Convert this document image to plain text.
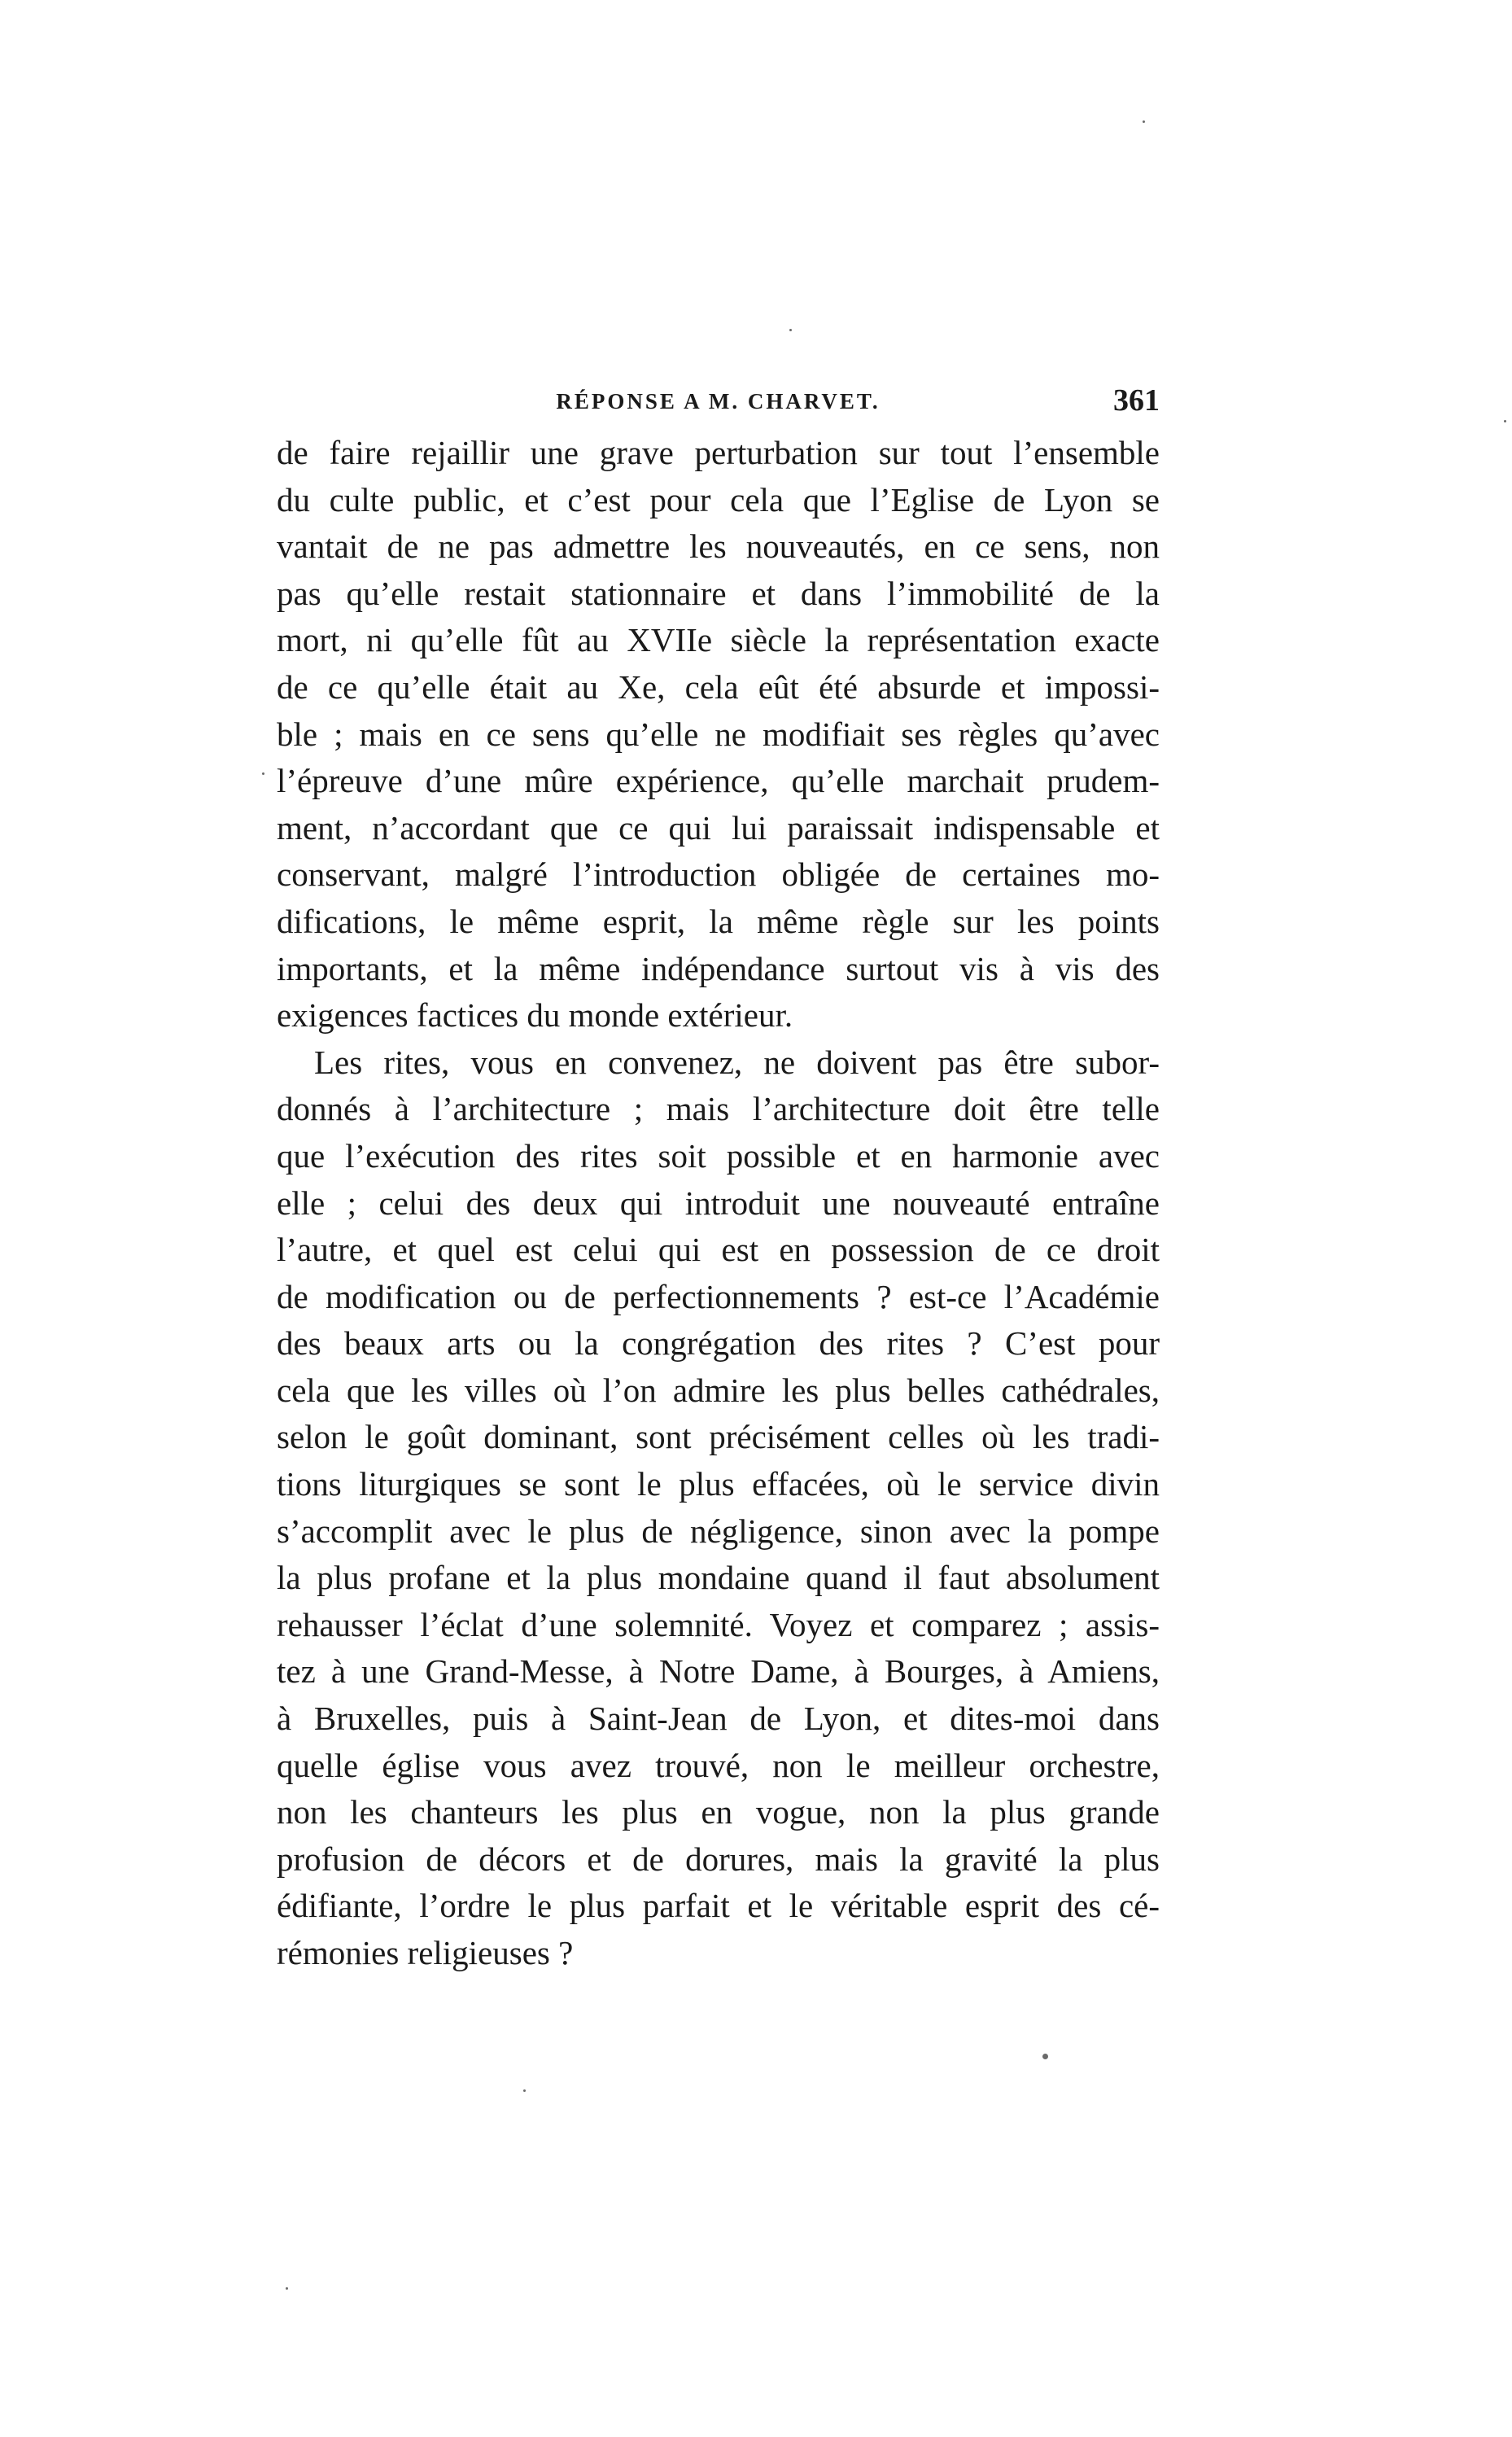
RÉPONSE A M. CHARVET.	361
de faire rejaillir une grave perturbation sur tout l’ensemble
du culte public, et c’est pour cela que l’Eglise de Lyon se
vantait de ne pas admettre les nouveautés, en ce sens, non
pas qu’elle restait stationnaire et dans l’immobilité de la
mort, ni qu’elle fût au XVIIe siècle la représentation exacte
de ce qu’elle était au Xe, cela eût été absurde et impossi-
ble ; mais en ce sens qu’elle ne modifiait ses règles qu’avec
l’épreuve d’une mûre expérience, qu’elle marchait prudem-
ment, n’accordant que ce qui lui paraissait indispensable et
conservant, malgré l’introduction obligée de certaines mo-
difications, le même esprit, la même règle sur les points
importants, et la même indépendance surtout vis à vis des
exigences factices du monde extérieur.
Les rites, vous en convenez, ne doivent pas être subor-
donnés à l’architecture ; mais l’architecture doit être telle
que l’exécution des rites soit possible et en harmonie avec
elle ; celui des deux qui introduit une nouveauté entraîne
l’autre, et quel est celui qui est en possession de ce droit
de modification ou de perfectionnements ? est-ce l’Académie
des beaux arts ou la congrégation des rites ? C’est pour
cela que les villes où l’on admire les plus belles cathédrales,
selon le goût dominant, sont précisément celles où les tradi-
tions liturgiques se sont le plus effacées, où le service divin
s’accomplit avec le plus de négligence, sinon avec la pompe
la plus profane et la plus mondaine quand il faut absolument
rehausser l’éclat d’une solemnité. Voyez et comparez ; assis-
tez à une Grand-Messe, à Notre Dame, à Bourges, à Amiens,
à Bruxelles, puis à Saint-Jean de Lyon, et dites-moi dans
quelle église vous avez trouvé, non le meilleur orchestre,
non les chanteurs les plus en vogue, non la plus grande
profusion de décors et de dorures, mais la gravité la plus
édifiante, l’ordre le plus parfait et le véritable esprit des cé-
rémonies religieuses ?
